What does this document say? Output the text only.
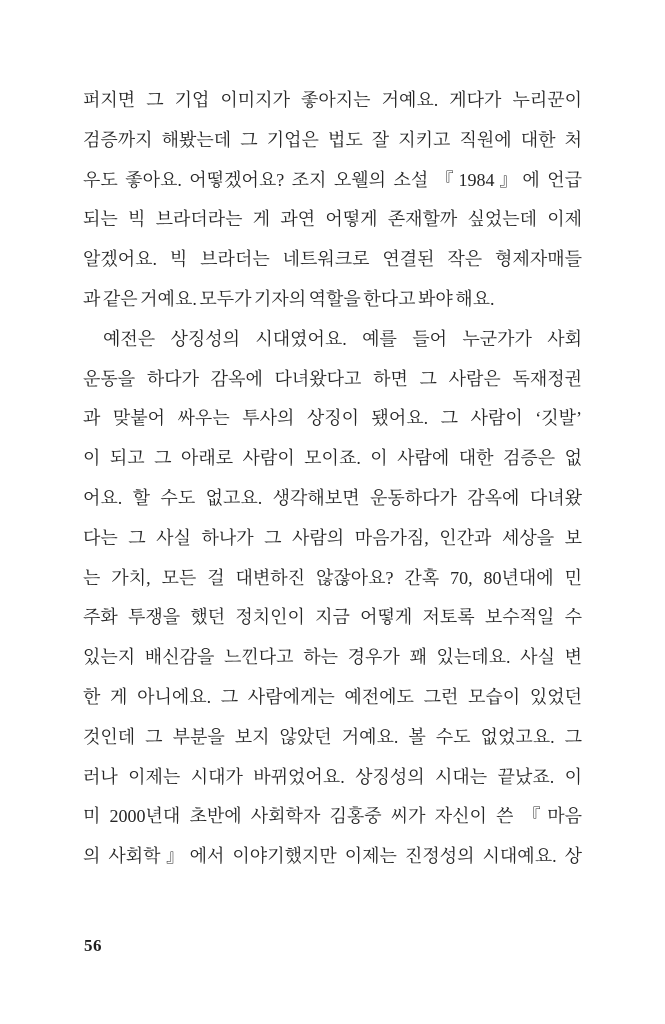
퍼지면 그 기업 이미지가 좋아지는 거예요. 게다가 누리꾼이
검증까지 해봤는데 그 기업은 법도 잘 지키고 직원에 대한 처
우도 좋아요. 어떻겠어요? 조지 오웰의 소설 『1984』에 언급
되는 빅 브라더라는 게 과연 어떻게 존재할까 싶었는데 이제
알겠어요. 빅 브라더는 네트워크로 연결된 작은 형제자매들
과 같은 거예요. 모두가 기자의 역할을 한다고 봐야 해요.
예전은 상징성의 시대였어요. 예를 들어 누군가가 사회
운동을 하다가 감옥에 다녀왔다고 하면 그 사람은 독재정권
과 맞붙어 싸우는 투사의 상징이 됐어요. 그 사람이 ‘깃발’
이 되고 그 아래로 사람이 모이죠. 이 사람에 대한 검증은 없
어요. 할 수도 없고요. 생각해보면 운동하다가 감옥에 다녀왔
다는 그 사실 하나가 그 사람의 마음가짐, 인간과 세상을 보
는 가치, 모든 걸 대변하진 않잖아요? 간혹 70, 80년대에 민
주화 투쟁을 했던 정치인이 지금 어떻게 저토록 보수적일 수
있는지 배신감을 느낀다고 하는 경우가 꽤 있는데요. 사실 변
한 게 아니에요. 그 사람에게는 예전에도 그런 모습이 있었던
것인데 그 부분을 보지 않았던 거예요. 볼 수도 없었고요. 그
러나 이제는 시대가 바뀌었어요. 상징성의 시대는 끝났죠. 이
미 2000년대 초반에 사회학자 김홍중 씨가 자신이 쓴 『마음
의 사회학』에서 이야기했지만 이제는 진정성의 시대예요. 상
56
